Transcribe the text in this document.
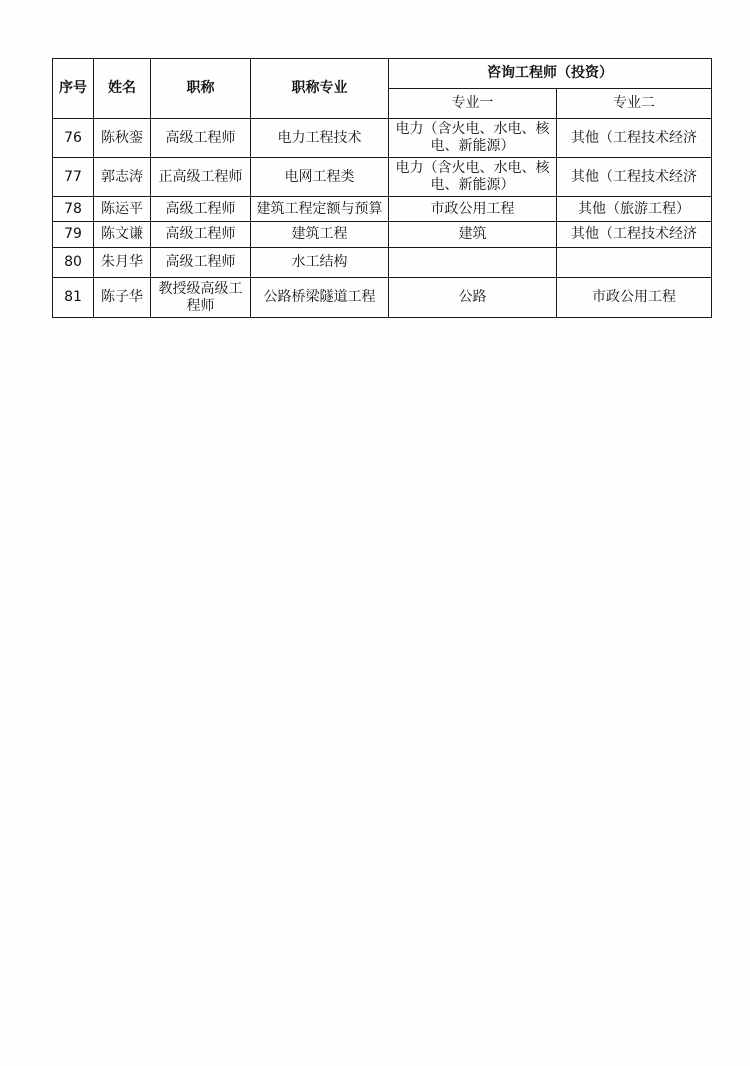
序号	姓名	职称	职称专业	咨询工程师（投资）	
				专业一	专业二
76	陈秋銮	高级工程师	电力工程技术	电力（含火电、水电、核电、新能源）	其他（工程技术经济
77	郭志涛	正高级工程师	电网工程类	电力（含火电、水电、核电、新能源）	其他（工程技术经济
78	陈运平	高级工程师	建筑工程定额与预算	市政公用工程	其他（旅游工程）
79	陈文谦	高级工程师	建筑工程	建筑	其他（工程技术经济
80	朱月华	高级工程师	水工结构		
81	陈子华	教授级高级工程师	公路桥梁隧道工程	公路	市政公用工程
